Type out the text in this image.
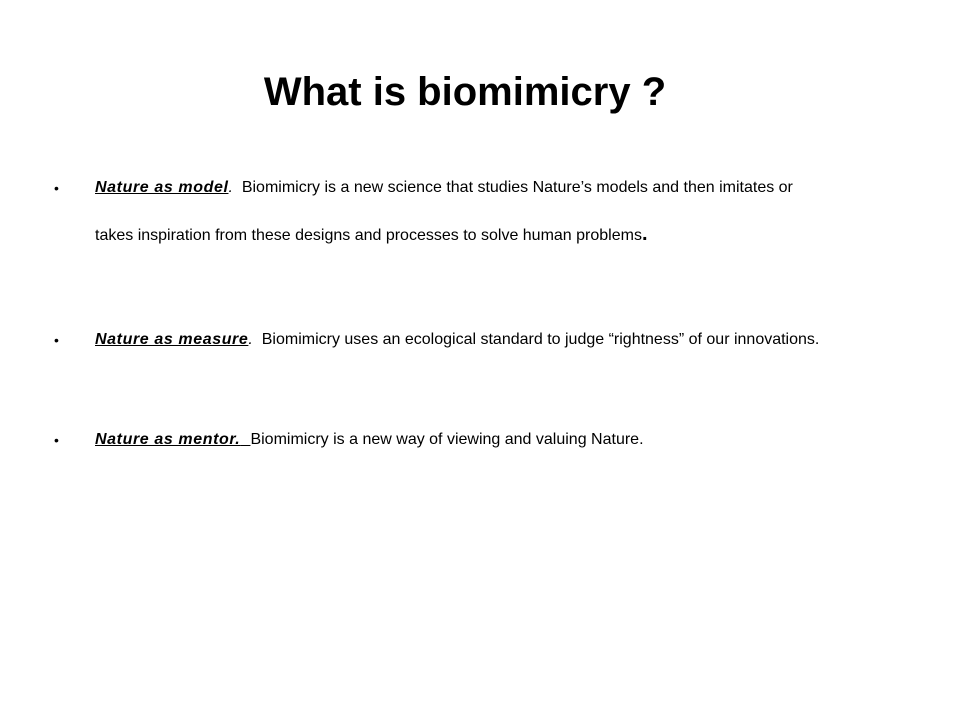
What is biomimicry ?
•	Nature as model. Biomimicry is a new science that studies Nature’s models and then imitates or
takes inspiration from these designs and processes to solve human problems.
•	Nature as measure. Biomimicry uses an ecological standard to judge “rightness” of our innovations.
•	Nature as mentor. Biomimicry is a new way of viewing and valuing Nature.
